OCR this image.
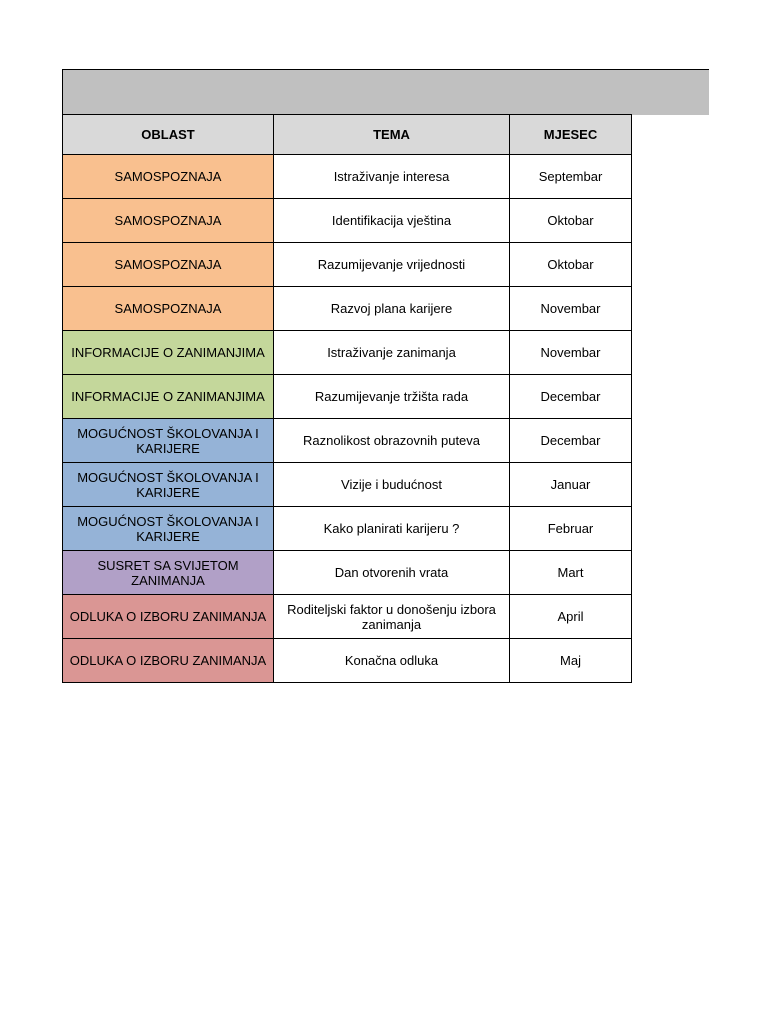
OBLAST	TEMA	MJESEC
SAMOSPOZNAJA	Istraživanje interesa	Septembar
SAMOSPOZNAJA	Identifikacija vještina	Oktobar
SAMOSPOZNAJA	Razumijevanje vrijednosti	Oktobar
SAMOSPOZNAJA	Razvoj plana karijere	Novembar
INFORMACIJE O ZANIMANJIMA	Istraživanje zanimanja	Novembar
INFORMACIJE O ZANIMANJIMA	Razumijevanje tržišta rada	Decembar
MOGUĆNOST ŠKOLOVANJA I KARIJERE	Raznolikost obrazovnih puteva	Decembar
MOGUĆNOST ŠKOLOVANJA I KARIJERE	Vizije i budućnost	Januar
MOGUĆNOST ŠKOLOVANJA I KARIJERE	Kako planirati karijeru ?	Februar
SUSRET SA SVIJETOM ZANIMANJA	Dan otvorenih vrata	Mart
ODLUKA O IZBORU ZANIMANJA	Roditeljski faktor u donošenju izbora zanimanja	April
ODLUKA O IZBORU ZANIMANJA	Konačna odluka	Maj
